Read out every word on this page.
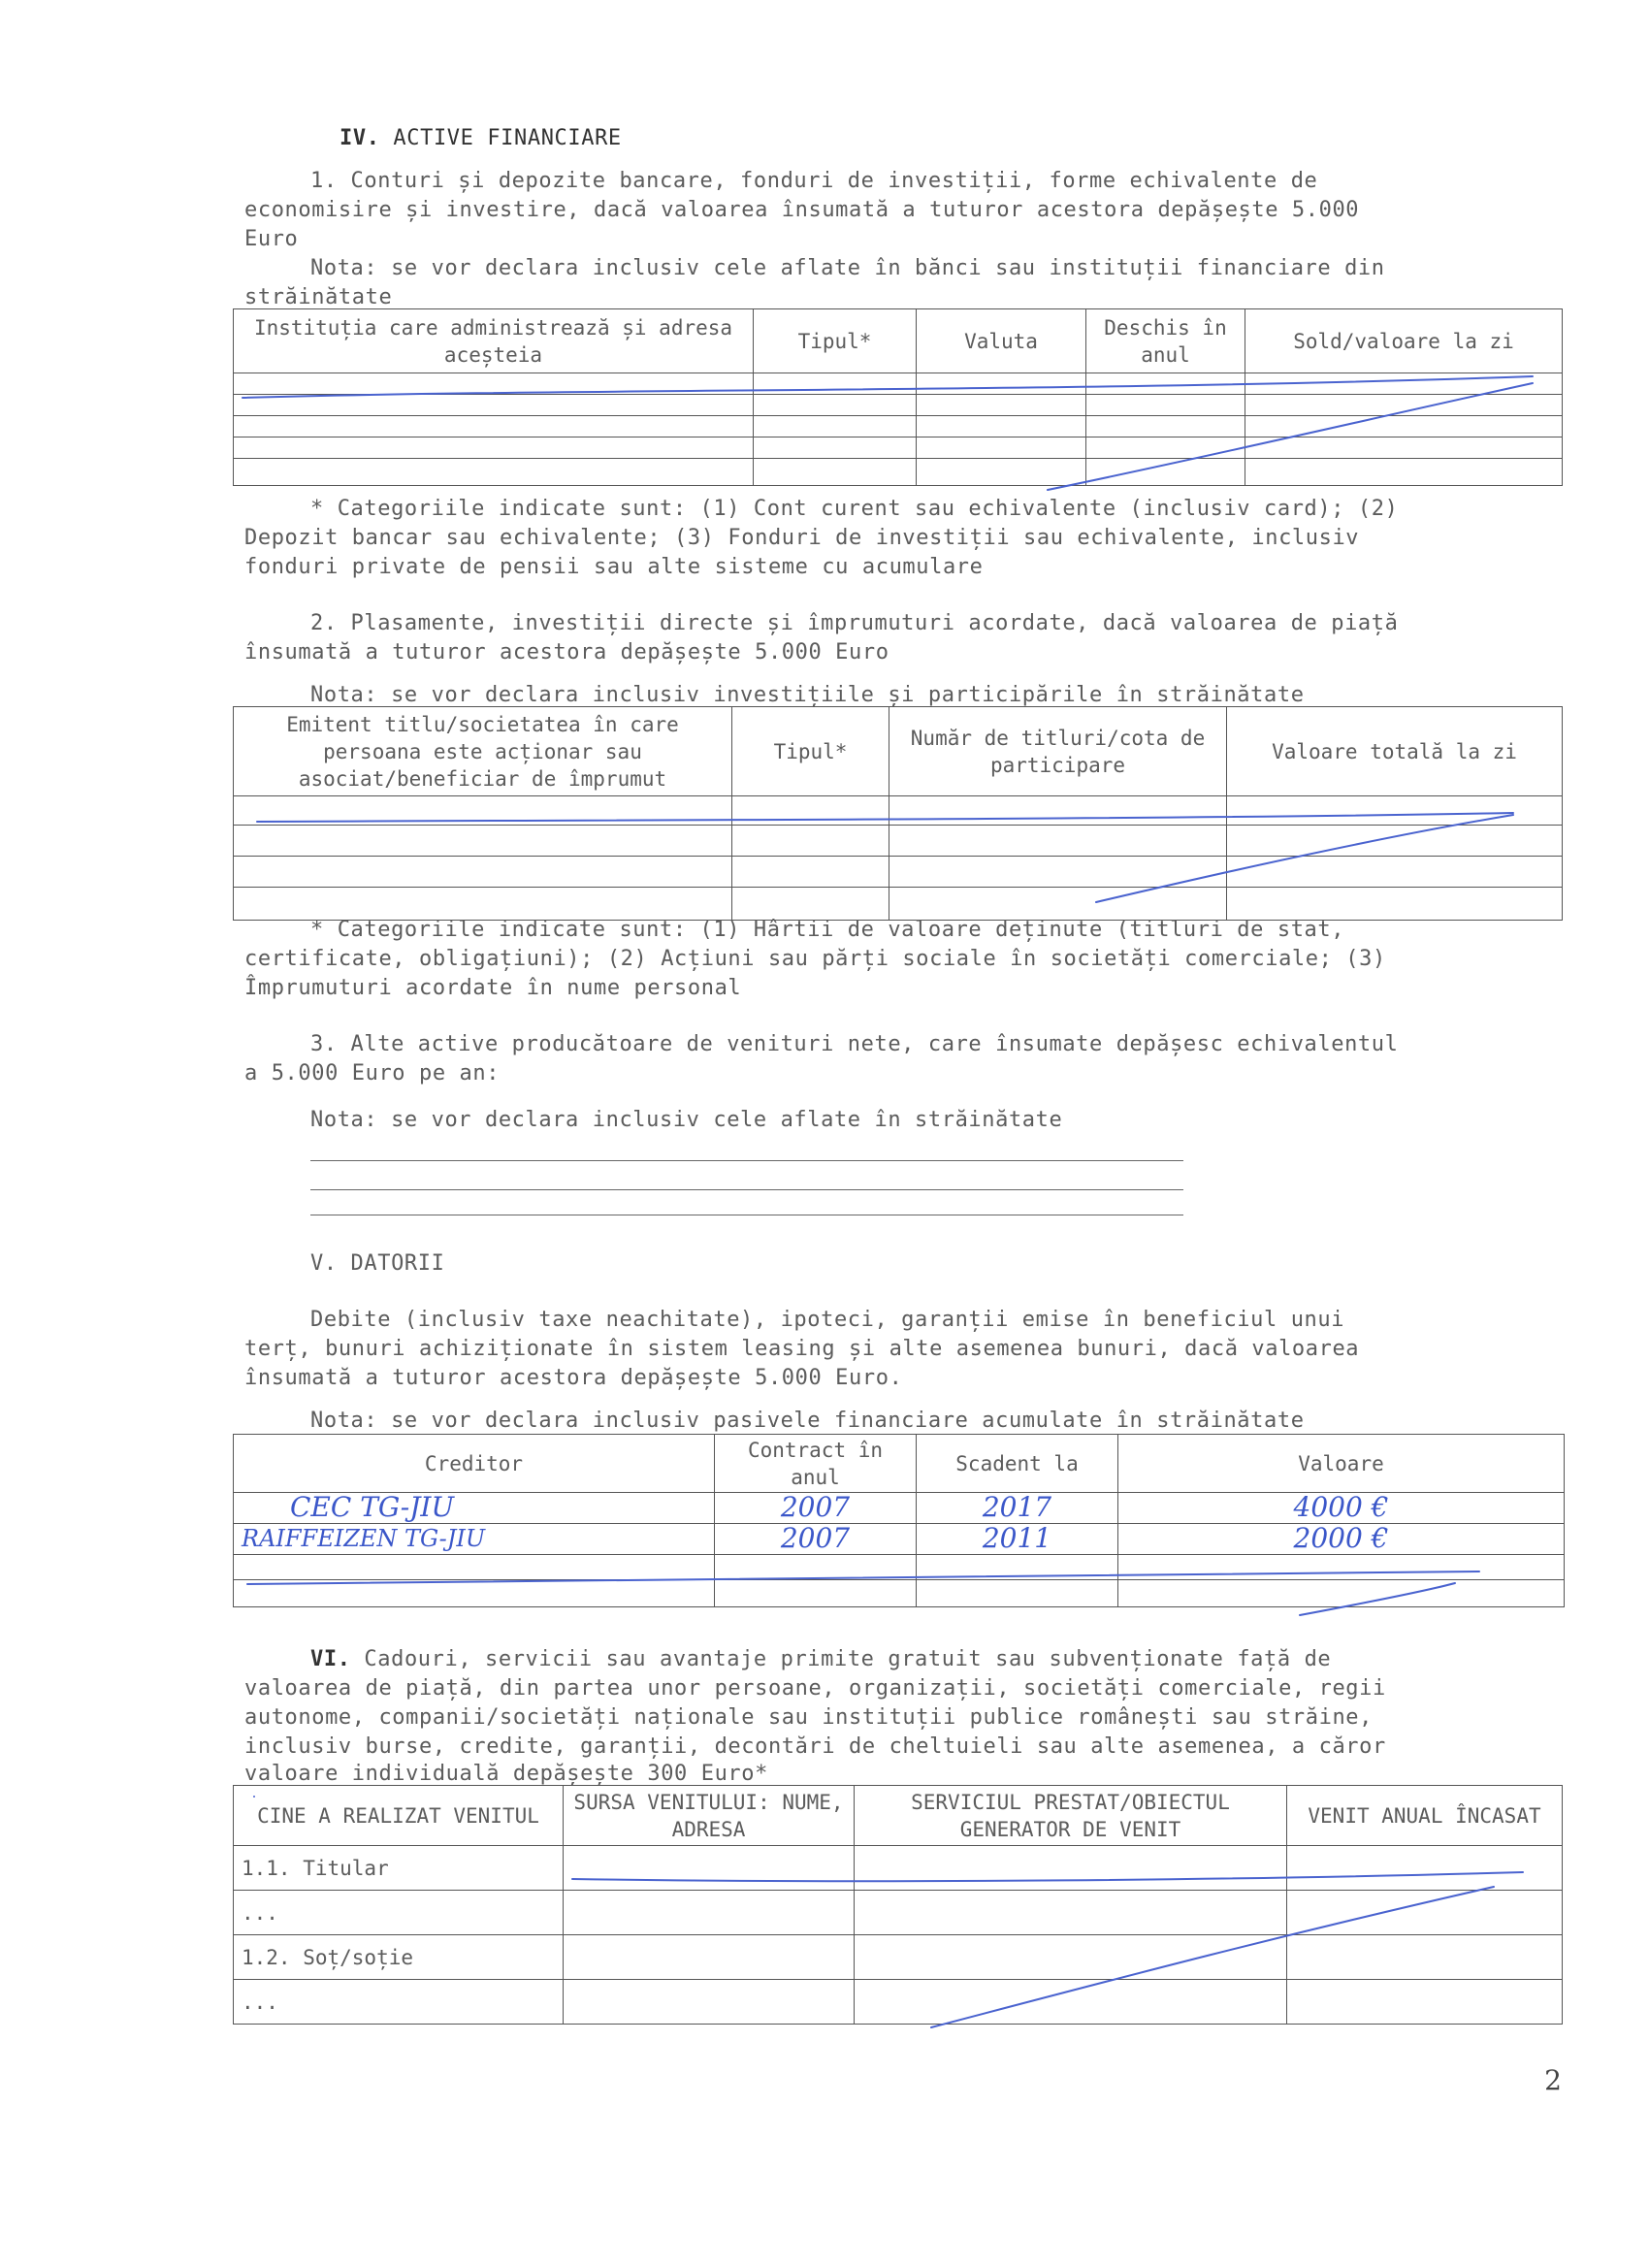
IV. ACTIVE FINANCIARE
1. Conturi și depozite bancare, fonduri de investiții, forme echivalente de
economisire și investire, dacă valoarea însumată a tuturor acestora depășește 5.000
Euro
Nota: se vor declara inclusiv cele aflate în bănci sau instituții financiare din
străinătate
Instituția care administrează și adresa aceșteia	Tipul*	Valuta	Deschis în anul	Sold/valoare la zi

* Categoriile indicate sunt: (1) Cont curent sau echivalente (inclusiv card); (2)
Depozit bancar sau echivalente; (3) Fonduri de investiții sau echivalente, inclusiv
fonduri private de pensii sau alte sisteme cu acumulare
2. Plasamente, investiții directe și împrumuturi acordate, dacă valoarea de piață
însumată a tuturor acestora depășește 5.000 Euro
Nota: se vor declara inclusiv investițiile și participările în străinătate
Emitent titlu/societatea în care persoana este acționar sau asociat/beneficiar de împrumut	Tipul*	Număr de titluri/cota de participare	Valoare totală la zi

* Categoriile indicate sunt: (1) Hârtii de valoare deținute (titluri de stat,
certificate, obligațiuni); (2) Acțiuni sau părți sociale în societăți comerciale; (3)
Împrumuturi acordate în nume personal
3. Alte active producătoare de venituri nete, care însumate depășesc echivalentul
a 5.000 Euro pe an:
Nota: se vor declara inclusiv cele aflate în străinătate
V. DATORII
Debite (inclusiv taxe neachitate), ipoteci, garanții emise în beneficiul unui
terț, bunuri achiziționate în sistem leasing și alte asemenea bunuri, dacă valoarea
însumată a tuturor acestora depășește 5.000 Euro.
Nota: se vor declara inclusiv pasivele financiare acumulate în străinătate
Creditor	Contract în anul	Scadent la	Valoare
CEC TG-JIU	2007	2017	4000 €
RAIFFEIZEN TG-JIU	2007	2011	2000 €

VI. Cadouri, servicii sau avantaje primite gratuit sau subvenționate față de
valoarea de piață, din partea unor persoane, organizații, societăți comerciale, regii
autonome, companii/societăți naționale sau instituții publice românești sau străine,
inclusiv burse, credite, garanții, decontări de cheltuieli sau alte asemenea, a căror
valoare individuală depășește 300 Euro*
CINE A REALIZAT VENITUL	SURSA VENITULUI: NUME, ADRESA	SERVICIUL PRESTAT/OBIECTUL GENERATOR DE VENIT	VENIT ANUAL ÎNCASAT
1.1. Titular			
...			
1.2. Soț/soție			
...			
2
